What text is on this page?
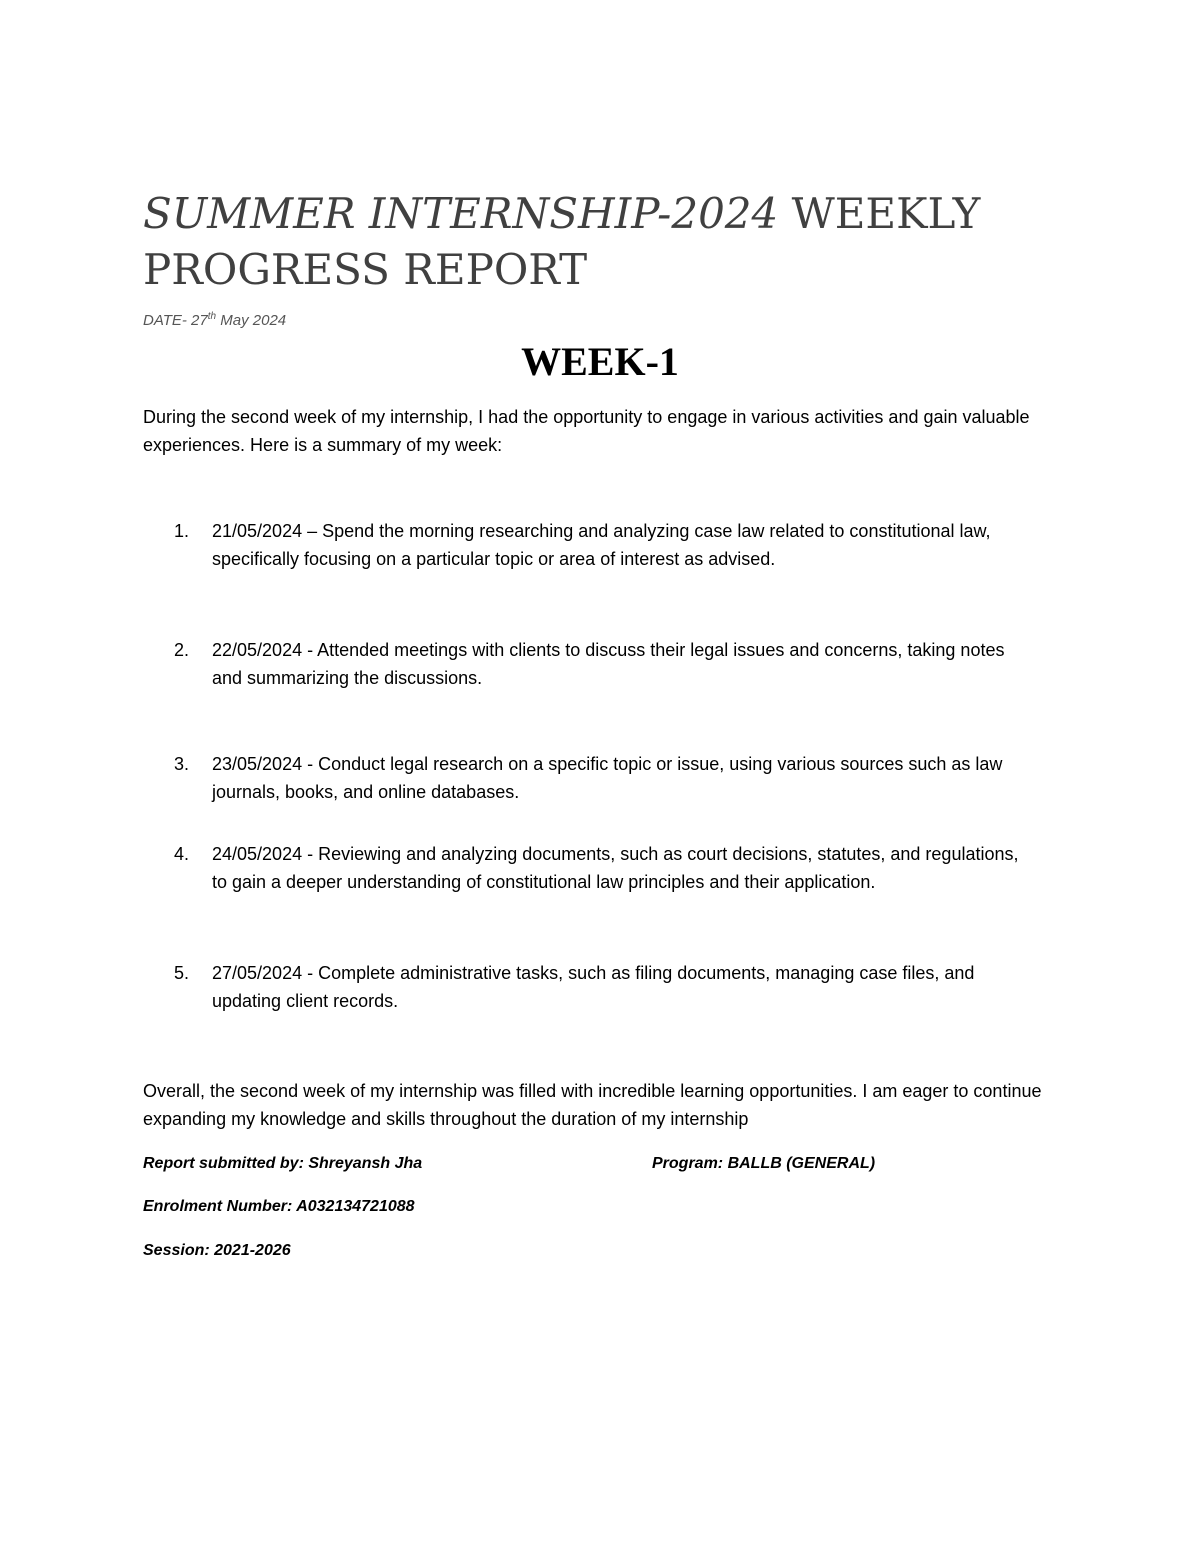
SUMMER INTERNSHIP-2024 WEEKLY PROGRESS REPORT
DATE- 27th May 2024
WEEK-1

During the second week of my internship, I had the opportunity to engage in various activities and gain valuable experiences. Here is a summary of my week:

1.	21/05/2024 – Spend the morning researching and analyzing case law related to constitutional law, specifically focusing on a particular topic or area of interest as advised.
2.	22/05/2024 - Attended meetings with clients to discuss their legal issues and concerns, taking notes and summarizing the discussions.
3.	23/05/2024 - Conduct legal research on a specific topic or issue, using various sources such as law journals, books, and online databases.
4.	24/05/2024 - Reviewing and analyzing documents, such as court decisions, statutes, and regulations, to gain a deeper understanding of constitutional law principles and their application.
5.	27/05/2024 - Complete administrative tasks, such as filing documents, managing case files, and updating client records.

Overall, the second week of my internship was filled with incredible learning opportunities. I am eager to continue expanding my knowledge and skills throughout the duration of my internship

Report submitted by: Shreyansh Jha	Program: BALLB (GENERAL)
Enrolment Number: A032134721088
Session: 2021-2026
